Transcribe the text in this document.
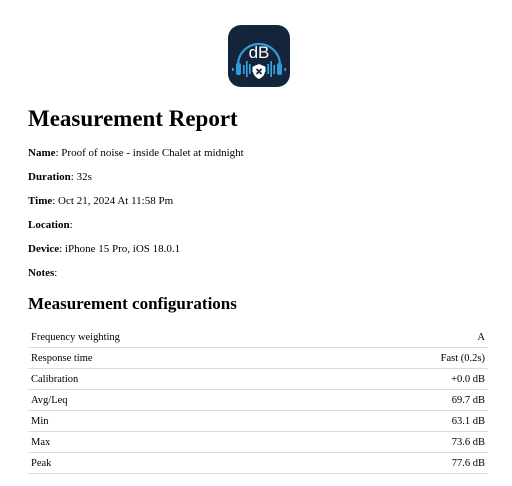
dB
Measurement Report

Name: Proof of noise - inside Chalet at midnight

Duration: 32s

Time: Oct 21, 2024 At 11:58 Pm

Location:

Device: iPhone 15 Pro, iOS 18.0.1

Notes:

Measurement configurations
Frequency weighting	A
Response time	Fast (0.2s)
Calibration	+0.0 dB
Avg/Leq	69.7 dB
Min	63.1 dB
Max	73.6 dB
Peak	77.6 dB
